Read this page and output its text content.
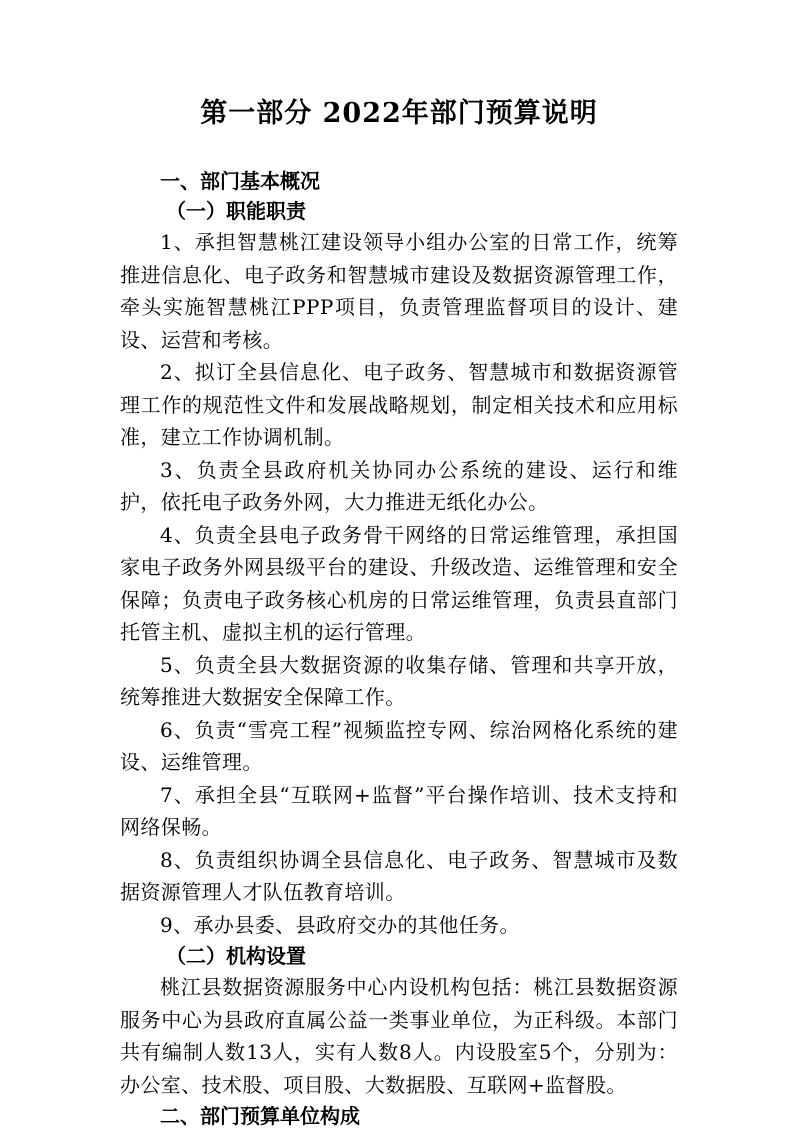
第一部分 2022年部门预算说明
一、部门基本概况
（一）职能职责

1、承担智慧桃江建设领导小组办公室的日常工作，统筹推进信息化、电子政务和智慧城市建设及数据资源管理工作，牵头实施智慧桃江PPP项目，负责管理监督项目的设计、建设、运营和考核。

2、拟订全县信息化、电子政务、智慧城市和数据资源管理工作的规范性文件和发展战略规划，制定相关技术和应用标准，建立工作协调机制。

3、负责全县政府机关协同办公系统的建设、运行和维护，依托电子政务外网，大力推进无纸化办公。

4、负责全县电子政务骨干网络的日常运维管理，承担国家电子政务外网县级平台的建设、升级改造、运维管理和安全保障；负责电子政务核心机房的日常运维管理，负责县直部门托管主机、虚拟主机的运行管理。

5、负责全县大数据资源的收集存储、管理和共享开放，统筹推进大数据安全保障工作。

6、负责“雪亮工程”视频监控专网、综治网格化系统的建设、运维管理。

7、承担全县“互联网+监督”平台操作培训、技术支持和网络保畅。

8、负责组织协调全县信息化、电子政务、智慧城市及数据资源管理人才队伍教育培训。

9、承办县委、县政府交办的其他任务。

（二）机构设置

桃江县数据资源服务中心内设机构包括：桃江县数据资源服务中心为县政府直属公益一类事业单位，为正科级。本部门共有编制人数13人，实有人数8人。内设股室5个，分别为：办公室、技术股、项目股、大数据股、互联网+监督股。

二、部门预算单位构成
